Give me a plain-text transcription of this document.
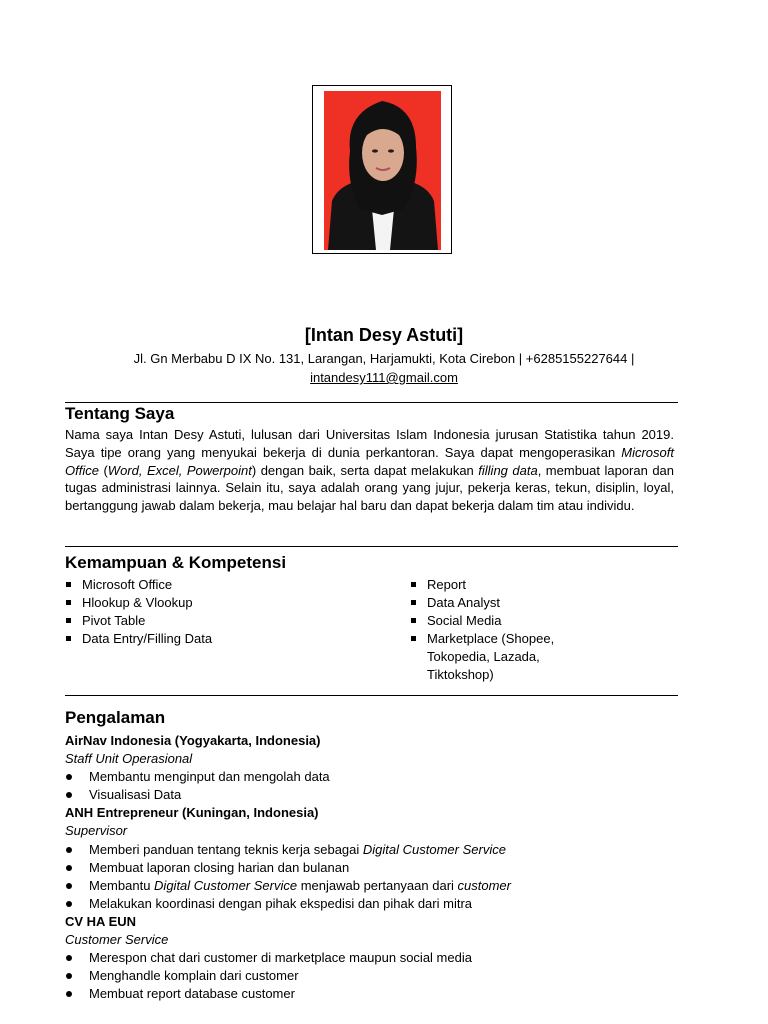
[Intan Desy Astuti]
Jl. Gn Merbabu D IX No. 131, Larangan, Harjamukti, Kota Cirebon | +6285155227644 |
intandesy111@gmail.com
Tentang Saya
Nama saya Intan Desy Astuti, lulusan dari Universitas Islam Indonesia jurusan Statistika tahun 2019. Saya tipe orang yang menyukai bekerja di dunia perkantoran. Saya dapat mengoperasikan Microsoft Office (Word, Excel, Powerpoint) dengan baik, serta dapat melakukan filling data, membuat laporan dan tugas administrasi lainnya. Selain itu, saya adalah orang yang jujur, pekerja keras, tekun, disiplin, loyal, bertanggung jawab dalam bekerja, mau belajar hal baru dan dapat bekerja dalam tim atau individu.
Kemampuan & Kompetensi
Microsoft Office
Hlookup & Vlookup
Pivot Table
Data Entry/Filling Data
Report
Data Analyst
Social Media
Marketplace (Shopee, Tokopedia, Lazada, Tiktokshop)
Pengalaman
AirNav Indonesia (Yogyakarta, Indonesia)
Staff Unit Operasional
Membantu menginput dan mengolah data
Visualisasi Data
ANH Entrepreneur (Kuningan, Indonesia)
Supervisor
Memberi panduan tentang teknis kerja sebagai Digital Customer Service
Membuat laporan closing harian dan bulanan
Membantu Digital Customer Service menjawab pertanyaan dari customer
Melakukan koordinasi dengan pihak ekspedisi dan pihak dari mitra
CV HA EUN
Customer Service
Merespon chat dari customer di marketplace maupun social media
Menghandle komplain dari customer
Membuat report database customer
